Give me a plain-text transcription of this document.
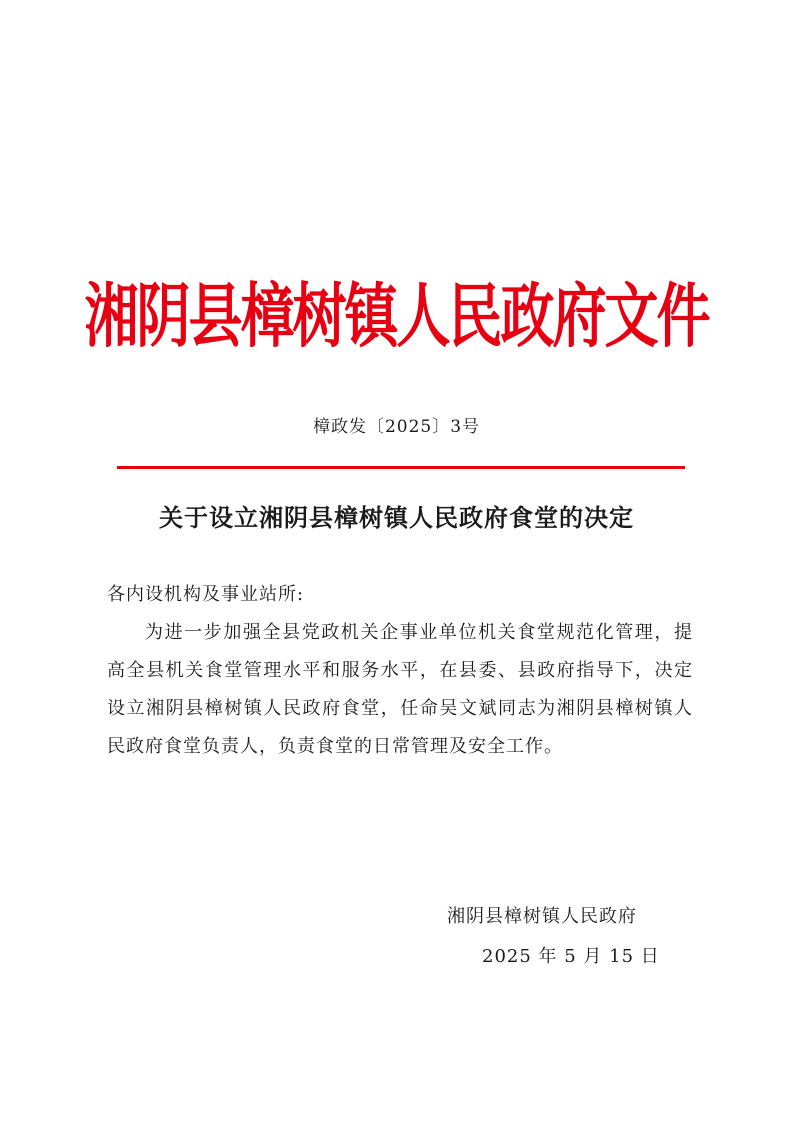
湘阴县樟树镇人民政府文件
樟政发〔2025〕3号
关于设立湘阴县樟树镇人民政府食堂的决定
各内设机构及事业站所:

为进一步加强全县党政机关企事业单位机关食堂规范化管理，提高全县机关食堂管理水平和服务水平，在县委、县政府指导下，决定设立湘阴县樟树镇人民政府食堂，任命吴文斌同志为湘阴县樟树镇人民政府食堂负责人，负责食堂的日常管理及安全工作。

湘阴县樟树镇人民政府
2025 年 5 月 15 日
